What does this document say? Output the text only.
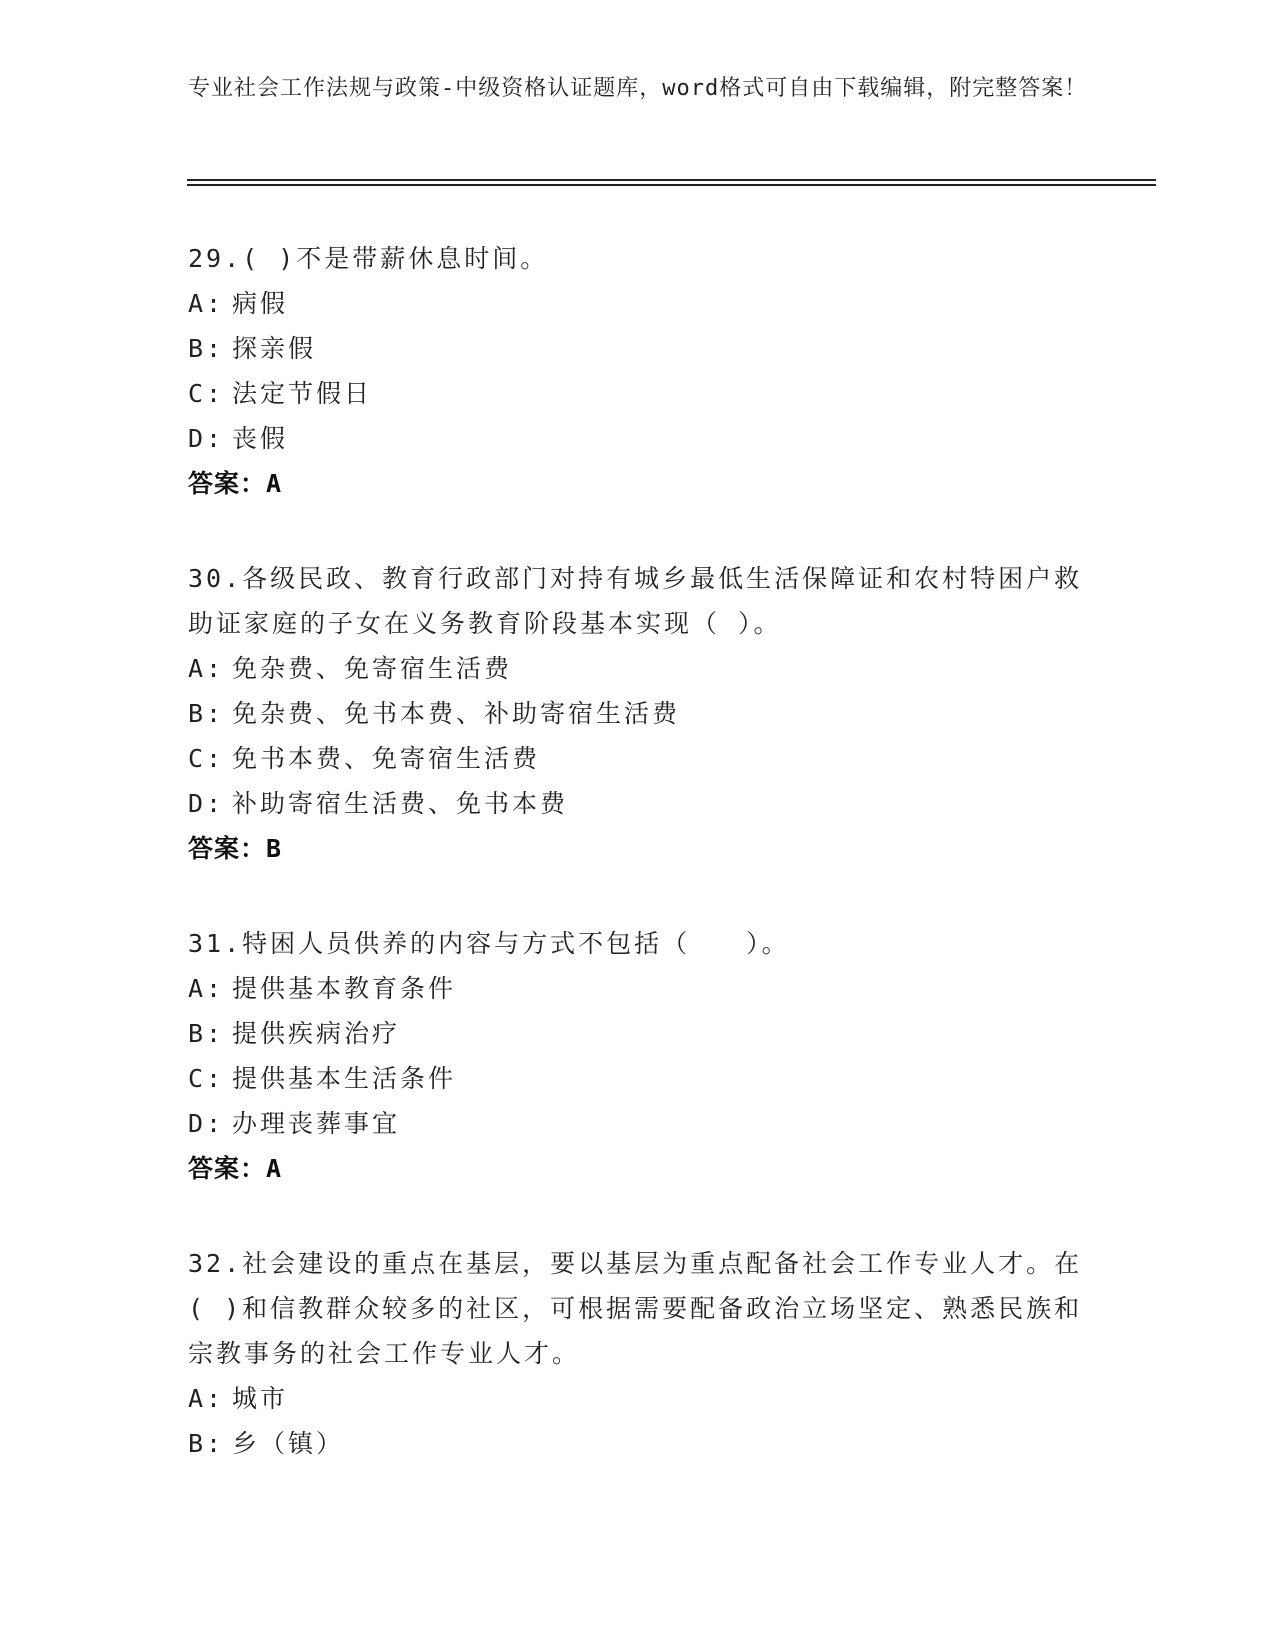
专业社会工作法规与政策-中级资格认证题库，word格式可自由下载编辑，附完整答案！

29.( )不是带薪休息时间。

A: 病假
B: 探亲假
C: 法定节假日
D: 丧假

答案：A

30.各级民政、教育行政部门对持有城乡最低生活保障证和农村特困户救助证家庭的子女在义务教育阶段基本实现（ ）。

A: 免杂费、免寄宿生活费
B: 免杂费、免书本费、补助寄宿生活费
C: 免书本费、免寄宿生活费
D: 补助寄宿生活费、免书本费

答案：B

31.特困人员供养的内容与方式不包括（　　）。

A: 提供基本教育条件
B: 提供疾病治疗
C: 提供基本生活条件
D: 办理丧葬事宜

答案：A

32.社会建设的重点在基层，要以基层为重点配备社会工作专业人才。在( )和信教群众较多的社区，可根据需要配备政治立场坚定、熟悉民族和宗教事务的社会工作专业人才。

A: 城市
B: 乡（镇）
